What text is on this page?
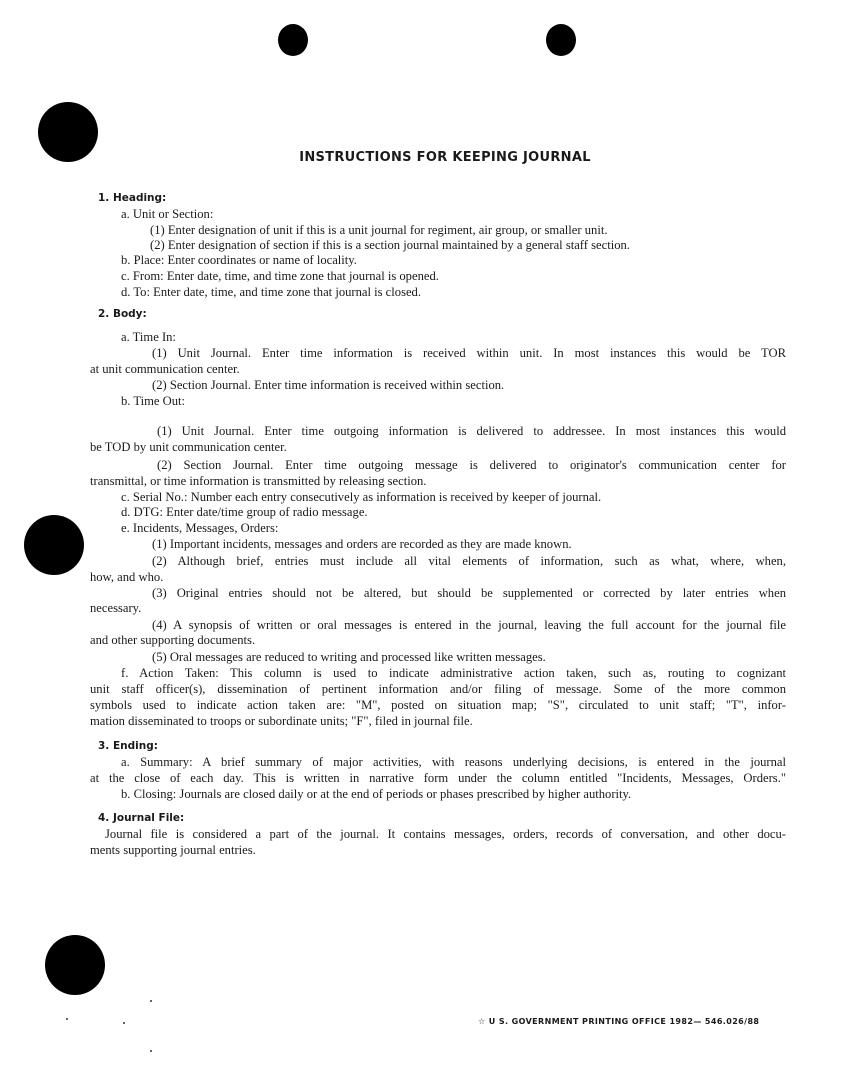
INSTRUCTIONS FOR KEEPING JOURNAL
1. Heading:
a. Unit or Section:
(1) Enter designation of unit if this is a unit journal for regiment, air group, or smaller unit.
(2) Enter designation of section if this is a section journal maintained by a general staff section.
b. Place: Enter coordinates or name of locality.
c. From: Enter date, time, and time zone that journal is opened.
d. To: Enter date, time, and time zone that journal is closed.
2. Body:
a. Time In:
(1) Unit Journal. Enter time information is received within unit. In most instances this would be TOR
at unit communication center.
(2) Section Journal. Enter time information is received within section.
b. Time Out:
(1) Unit Journal. Enter time outgoing information is delivered to addressee. In most instances this would
be TOD by unit communication center.
(2) Section Journal. Enter time outgoing message is delivered to originator's communication center for
transmittal, or time information is transmitted by releasing section.
c. Serial No.: Number each entry consecutively as information is received by keeper of journal.
d. DTG: Enter date/time group of radio message.
e. Incidents, Messages, Orders:
(1) Important incidents, messages and orders are recorded as they are made known.
(2) Although brief, entries must include all vital elements of information, such as what, where, when,
how, and who.
(3) Original entries should not be altered, but should be supplemented or corrected by later entries when
necessary.
(4) A synopsis of written or oral messages is entered in the journal, leaving the full account for the journal file
and other supporting documents.
(5) Oral messages are reduced to writing and processed like written messages.
f. Action Taken: This column is used to indicate administrative action taken, such as, routing to cognizant
unit staff officer(s), dissemination of pertinent information and/or filing of message. Some of the more common
symbols used to indicate action taken are: "M", posted on situation map; "S", circulated to unit staff; "T", infor-
mation disseminated to troops or subordinate units; "F", filed in journal file.
3. Ending:
a. Summary: A brief summary of major activities, with reasons underlying decisions, is entered in the journal
at the close of each day. This is written in narrative form under the column entitled "Incidents, Messages, Orders."
b. Closing: Journals are closed daily or at the end of periods or phases prescribed by higher authority.
4. Journal File:
Journal file is considered a part of the journal. It contains messages, orders, records of conversation, and other docu-
ments supporting journal entries.
☆ U S. GOVERNMENT PRINTING OFFICE 1982— 546.026/88
